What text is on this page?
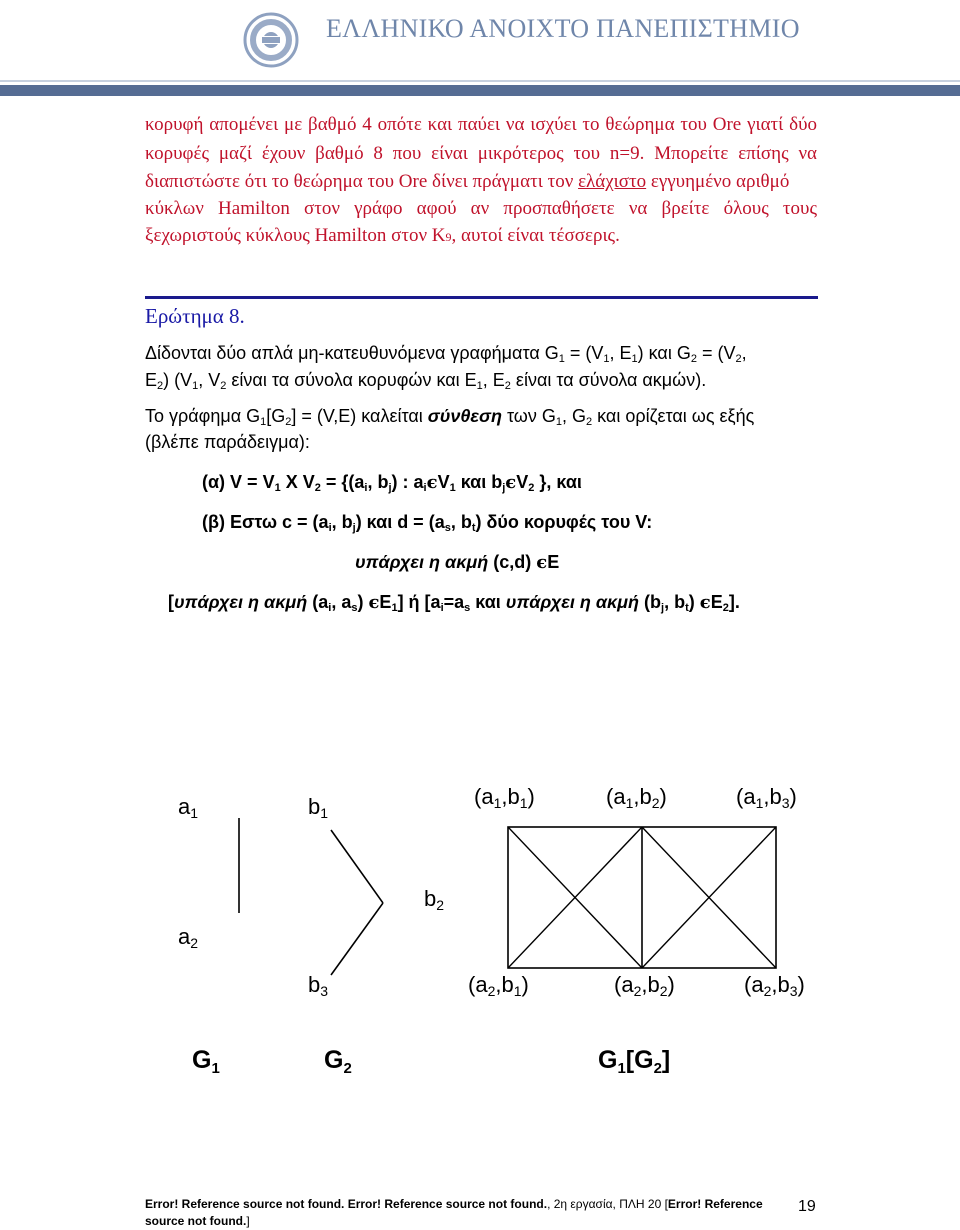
ΕΛΛΗΝΙΚΟ ΑΝΟΙΧΤΟ ΠΑΝΕΠΙΣΤΗΜΙΟ
κορυφή απομένει με βαθμό 4 οπότε και παύει να ισχύει το θεώρημα του Ore γιατί δύο
κορυφές μαζί έχουν βαθμό 8 που είναι μικρότερος του n=9. Μπορείτε επίσης να
διαπιστώστε ότι το θεώρημα του Ore δίνει πράγματι τον ελάχιστο εγγυημένο αριθμό
κύκλων Hamilton στον γράφο αφού αν προσπαθήσετε να βρείτε όλους τους
ξεχωριστούς κύκλους Hamilton στον K9, αυτοί είναι τέσσερις.
Ερώτημα 8.
Δίδονται δύο απλά μη-κατευθυνόμενα γραφήματα $G_1 = (V_1$, $E_1$) και $G_2 = (V_2$,
$E_2$) ($V_1$, $V_2$ είναι τα σύνολα κορυφών και $E_1$, $E_2$ είναι τα σύνολα ακμών).
Το γράφημα $G_1[G_2] = (V,E)$ καλείται σύνθεση των $G_1$, $G_2$ και ορίζεται ως εξής
(βλέπε παράδειγμα):
(α) $V = V_1$ X $V_2 = \{(a_i$, $b_j$) : $a_iєV_1$ και $b_jєV_2$ }, και
(β) Εστω $c = (a_i$, $b_j$) και $d = (a_s$, $b_t$) δύο κορυφές του V:
υπάρχει η ακμή (c,d) єE
[υπάρχει η ακμή ($a_i$, $a_s$) $єE_1$] ή [$a_i=a_s$ και υπάρχει η ακμή ($b_j$, $b_t$) $єE_2$].
$a_1$
$a_2$
$b_1$
$b_2$
$b_3$
$(a_1,b_1)$	$(a_1,b_2)$	$(a_1,b_3)$
$(a_2,b_1)$	$(a_2,b_2)$	$(a_2,b_3)$
$G_1$	$G_2$	$G_1[G_2]$
Error! Reference source not found. Error! Reference source not found., 2η εργασία, ΠΛΗ 20 [Error! Reference source not found.]
19
